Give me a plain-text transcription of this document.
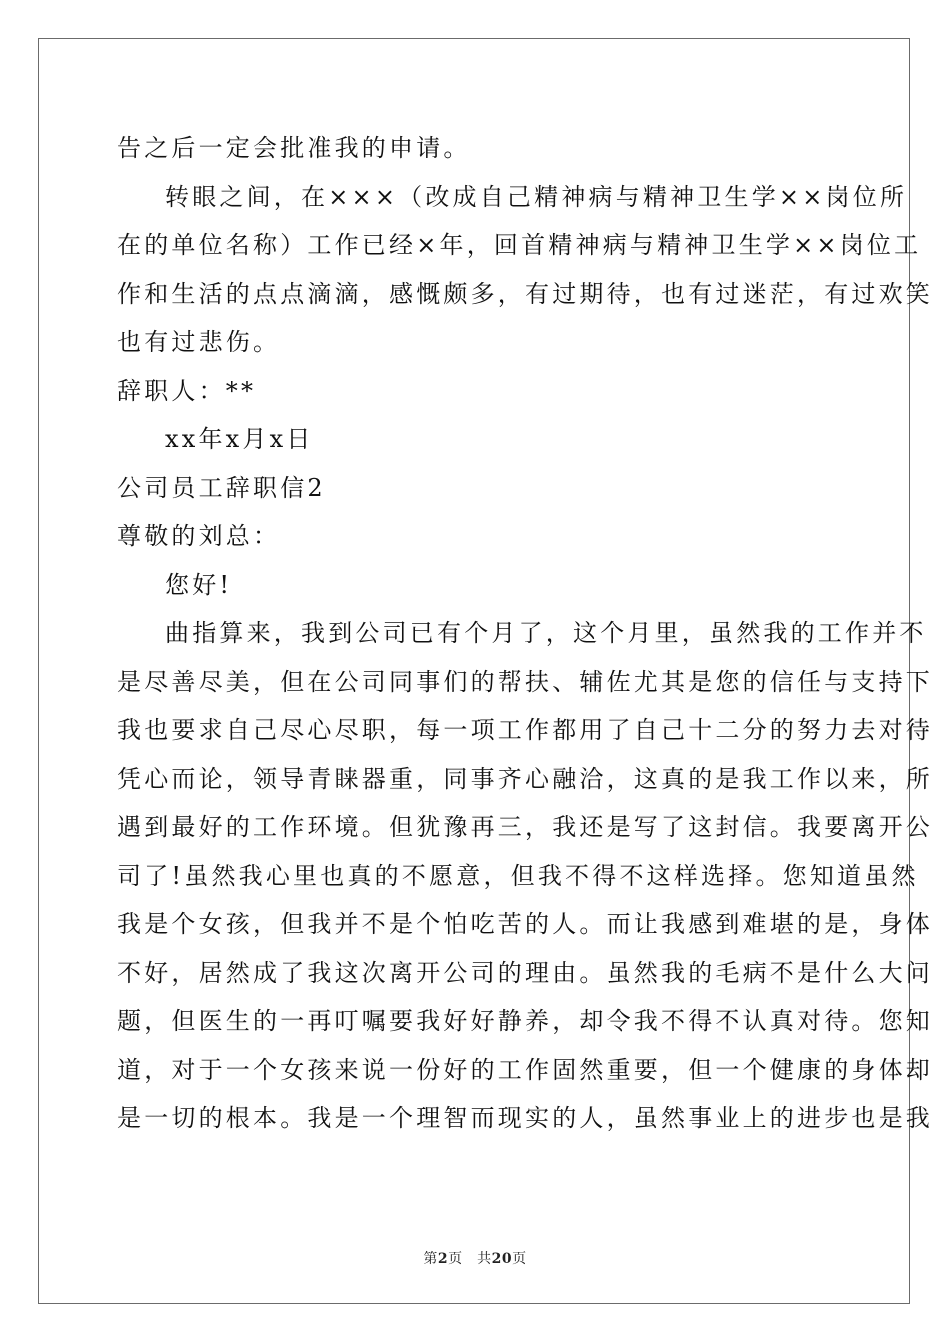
告之后一定会批准我的申请。
转眼之间，在×××（改成自己精神病与精神卫生学××岗位所
在的单位名称）工作已经×年，回首精神病与精神卫生学××岗位工
作和生活的点点滴滴，感慨颇多，有过期待，也有过迷茫，有过欢笑
也有过悲伤。
辞职人：**
xx年x月x日
公司员工辞职信2
尊敬的刘总：
您好!
曲指算来，我到公司已有个月了，这个月里，虽然我的工作并不
是尽善尽美，但在公司同事们的帮扶、辅佐尤其是您的信任与支持下
我也要求自己尽心尽职，每一项工作都用了自己十二分的努力去对待
凭心而论，领导青睐器重，同事齐心融洽，这真的是我工作以来，所
遇到最好的工作环境。但犹豫再三，我还是写了这封信。我要离开公
司了!虽然我心里也真的不愿意，但我不得不这样选择。您知道虽然
我是个女孩，但我并不是个怕吃苦的人。而让我感到难堪的是，身体
不好，居然成了我这次离开公司的理由。虽然我的毛病不是什么大问
题，但医生的一再叮嘱要我好好静养，却令我不得不认真对待。您知
道，对于一个女孩来说一份好的工作固然重要，但一个健康的身体却
是一切的根本。我是一个理智而现实的人，虽然事业上的进步也是我
第2页　共20页
